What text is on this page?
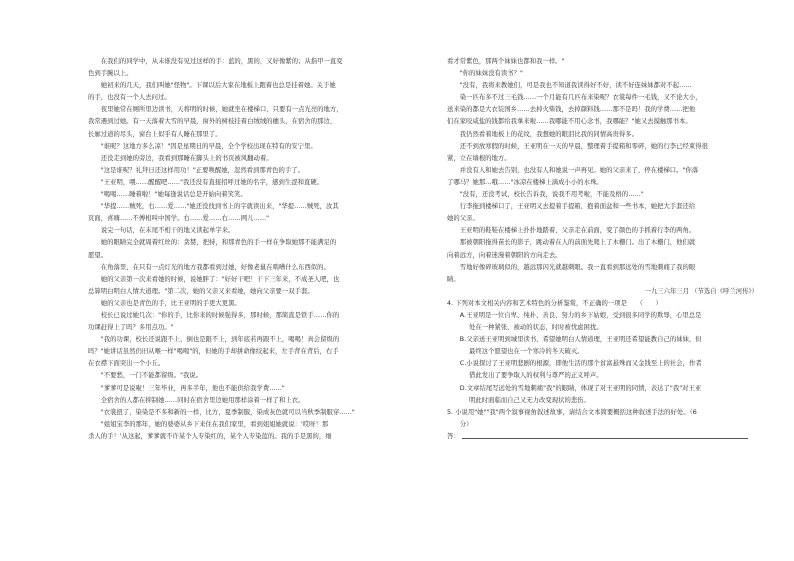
在我们的同学中，从未谁没有见过这样的手：蓝的，黑的，又好像紫的；从指甲一直变

色到手腕以上。

她初来的几天，我们叫她"怪物"。下课以后大家在地板上跑着也总是挂着她。关于她

的手，也没有一个人去问过。

夜里她常在厕所里边读书，天将明的时候，她就坐在楼梯口，只要有一点光亮的地方，

我常遇到过她。有一天落着大雪的早晨，窗外的树枝挂着白绒绒的穗头，在宿舍的那边，

长廊过道的尽头，窗台上似乎有人睡在那里了。

"谁呢？这地方多么凉！"因是星期日的早晨，全个学校出现在特有的安宁里。

还没走到她的旁边，我看到那睡在脚头上的书页被风翻动着。

"这是谁呢？礼拜日还这样用功！"正要唤醒她，忽然看到那青色的手了。

"王亚明，喂……醒醒吧……"我还没有直接招呼过她的名字，感到生涩和直硬。

"喝喝……睡着啦！"她每逢说话总是开始向着笑笑。

"华提……贼死，右……爱……"她还没找到书上的字就读出来，"华提……贼死，汝其

页面，喜嗨……不傅相叫中国学。右……爱……右……网儿……"

说完一句话，在末尾不相干的地又读起单字来。

她的眼睛完全就周着红丝的：贪婪，把持，和那青色的手一样在争取她那不能满足的

愿望。

在角落里，在只有一点灯光的地方我都看到过她，好像老鼠在啮嘈什么东西似的。

她的父亲第一次来看她的时候，说她胖了："好好干吧！干下三年来，不成圣人吧，也

总算明白明白人情大道理。"第二次，她的父亲又来看她，她向父亲要一双手套。

她的父亲也是青色的手，比王亚明的手更大更黑。

校长已说过她几次："你的手，比你来的时候强得多，那时候，那简直是铁手……你的

功课赶得上了吗？多用点功。"

"我的功课，校长还说跟不上，倒也是跟不上，到年底若再跟不上，喝喝！真会留级的

吗？"她讲话虽然仍旧从喉一样"喝喝"的，但她的手却拼命像绞起来，左手背在背后，右手

在衣襟下面突出一个小丘。

"不要愁，一门不能都留级。"我说。

"爹爹可是说啦！三年毕业，再多半年，他也不能供给我学费……"

全宿舍的人都在抑制她……同时在宿舍里边她用那样涂着一样了和上衣。

"衣裳扭了，染染是不多和新的一样，比方，夏季制服，染成灰色就可以当秋季制服穿……"

"姐姐宝李的那年，她的婆婆从乡下来住在我们家里，看到姐姐她就说：'哎呀！那

杀人的手！'从这起，爹爹就不许某个人专染红的，某个人专染蓝的。我的手是黑的，细

看才常紫色，那两个妹妹也都和我一样。"

"你的妹妹没有读书？"

"没有，我将来教她们，可是我也不知道我读得好不好，读不好连妹妹都对不起……

染一匹布多不过三毛钱……一个月能有几匹布来染呢？衣裳每件一毛钱，又不论大小，

送来染的都是大衣装国乡……去掉火柴钱，去掉颜料钱……那不是吗！我的学费……把他

们在家咬咸盐的钱都给我拿来啦……我哪能不用心念书，我哪能？"她又去摸触那书本。

我仍然看着地板上的花纹，我想她的眼泪比我的同情高贵得多。

还不到放寒假的时候，王亚明在一天的早晨，整理着手提箱和零碎，她的行李已经束得很

紧，立在墙根的地方。

并没有人和她去告别，也没有人和她说一声再见。她的父亲来了，停在楼梯口。"你落

了哪马？她那…哦……"冰凉在楼梯上滴成小小的水珠。

"没有，还没考试，校长告诉我，说我不用考啦，不能及格的……"

行李拖到楼梯口了，王亚明又去提着手提箱，抱着面盆和一些书本，她把大手套还给

她的父亲。

王亚明的鞋鞋在楼梯上扑扑地踏着，父亲走在前面，变了颜色的手抓着行李的两角。

那被朝阳拖得苗长的影子，跳动着在人的前面先爬上了木栅门。出了木栅门，他们就

向着远方，向着迷漫着朝阳的方向走去。

雪地好像碎玻璃似的，越远那闪光就越刺眼。我一直看到那远处的雪地刺痛了我的眼

睛。

一九三六年三月 （节选自《呼兰河传》）

4. 下列对本文相关内容和艺术特色的分析鉴赏，不正确的一项是　　（　　）

A.王亚明是一位自卑、纯朴、善良、努力的乡下姑娘，受到很多同学的欺辱，心里总是

处在一种紧张、被动的状态，时时被忧虑困扰。

B.父亲送王亚明到城里读书，希望她明白人情道理，王亚明还希望能教自己的妹妹，但

最终这个愿望也在一个寒冷的冬天破灭。

C.小说探讨了王亚明悲剧的根源，即他生活的那个贫富悬殊而又金钱至上的社会，作者

借此发出了要争取人的权利与尊严的正义呼声。

D.文章结尾写远处的雪地刺痛"我"的眼睛，体现了对王亚明的同情，表达了"我"对王亚

明此时面临而自己又无力改变现状的悲伤。

5. 小说用"她""我"两个叙事视角叙述故事，请结合文本简要概括这种叙述手法的好处。（6

分）

答：
